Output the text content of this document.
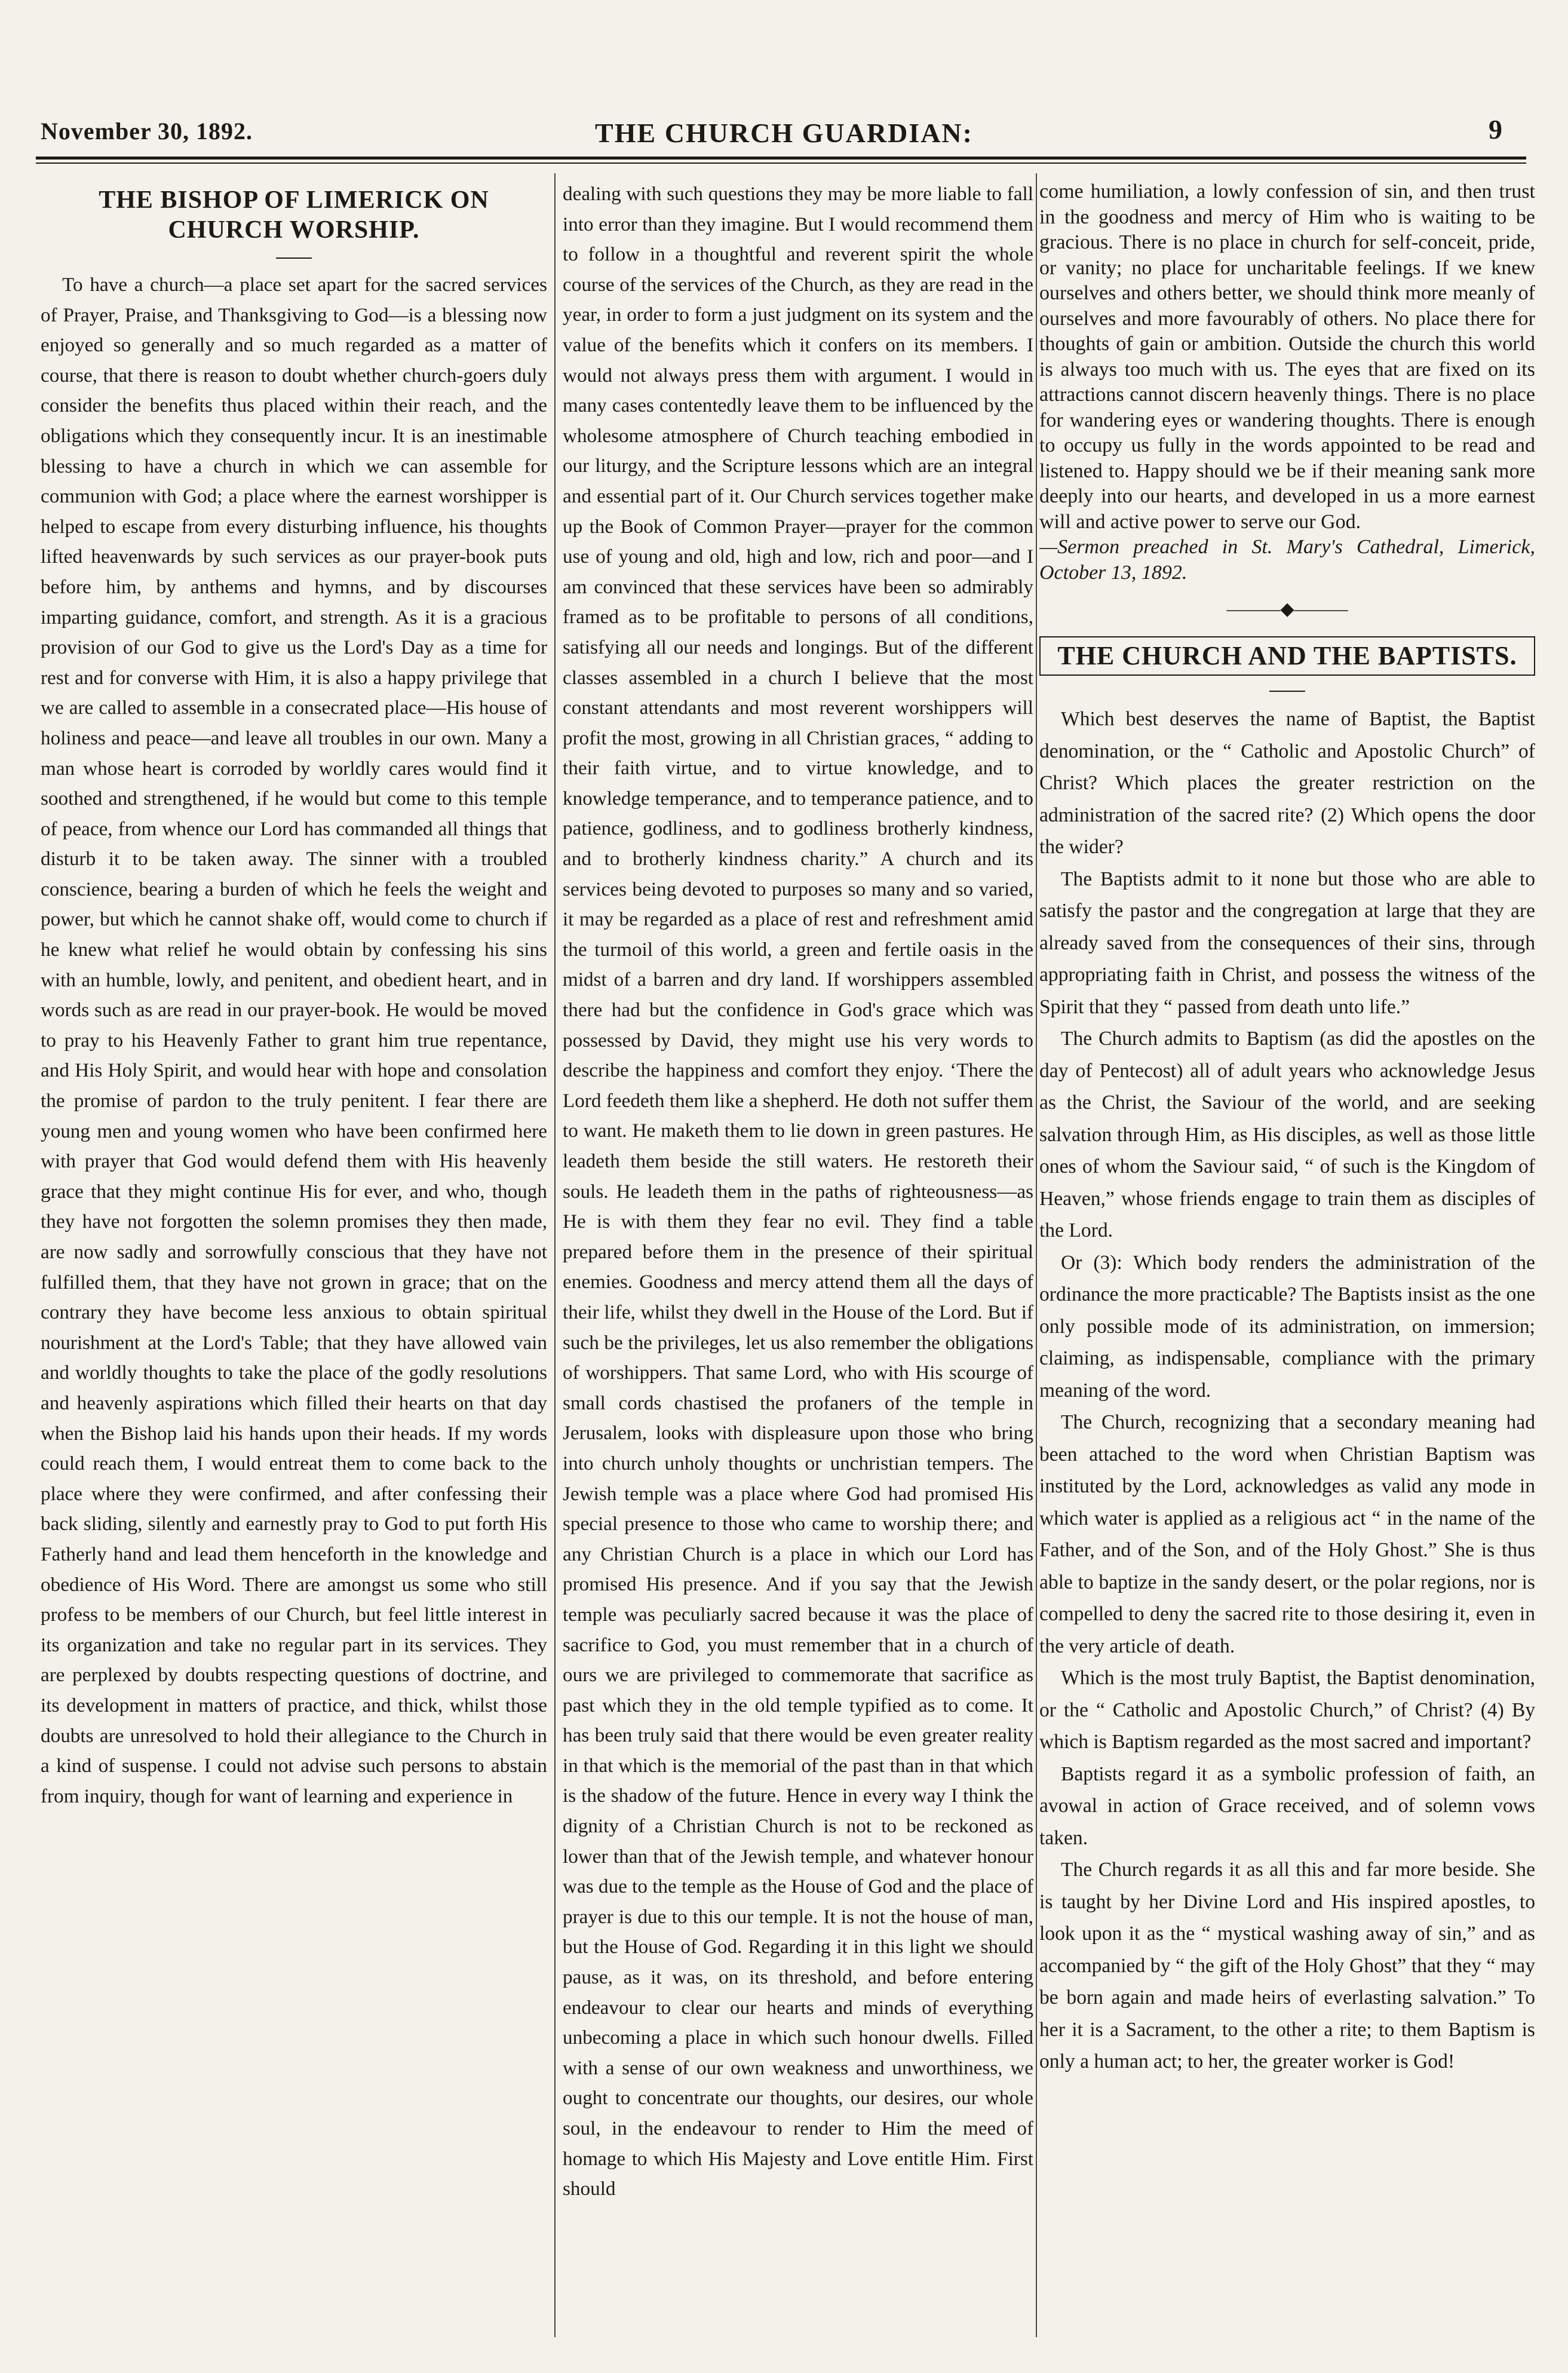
November 30, 1892.	THE CHURCH GUARDIAN:	9
THE BISHOP OF LIMERICK ON CHURCH WORSHIP.

To have a church—a place set apart for the sacred services of Prayer, Praise, and Thanksgiving to God—is a blessing now enjoyed so generally and so much regarded as a matter of course, that there is reason to doubt whether church-goers duly consider the benefits thus placed within their reach, and the obligations which they consequently incur. It is an inestimable blessing to have a church in which we can assemble for communion with God; a place where the earnest worshipper is helped to escape from every disturbing influence, his thoughts lifted heavenwards by such services as our prayer-book puts before him, by anthems and hymns, and by discourses imparting guidance, comfort, and strength. As it is a gracious provision of our God to give us the Lord's Day as a time for rest and for converse with Him, it is also a happy privilege that we are called to assemble in a consecrated place—His house of holiness and peace—and leave all troubles in our own. Many a man whose heart is corroded by worldly cares would find it soothed and strengthened, if he would but come to this temple of peace, from whence our Lord has commanded all things that disturb it to be taken away. The sinner with a troubled conscience, bearing a burden of which he feels the weight and power, but which he cannot shake off, would come to church if he knew what relief he would obtain by confessing his sins with an humble, lowly, and penitent, and obedient heart, and in words such as are read in our prayer-book. He would be moved to pray to his Heavenly Father to grant him true repentance, and His Holy Spirit, and would hear with hope and consolation the promise of pardon to the truly penitent. I fear there are young men and young women who have been confirmed here with prayer that God would defend them with His heavenly grace that they might continue His for ever, and who, though they have not forgotten the solemn promises they then made, are now sadly and sorrowfully conscious that they have not fulfilled them, that they have not grown in grace; that on the contrary they have become less anxious to obtain spiritual nourishment at the Lord's Table; that they have allowed vain and worldly thoughts to take the place of the godly resolutions and heavenly aspirations which filled their hearts on that day when the Bishop laid his hands upon their heads. If my words could reach them, I would entreat them to come back to the place where they were confirmed, and after confessing their back sliding, silently and earnestly pray to God to put forth His Fatherly hand and lead them henceforth in the knowledge and obedience of His Word. There are amongst us some who still profess to be members of our Church, but feel little interest in its organization and take no regular part in its services. They are perplexed by doubts respecting questions of doctrine, and its development in matters of practice, and thick, whilst those doubts are unresolved to hold their allegiance to the Church in a kind of suspense. I could not advise such persons to abstain from inquiry, though for want of learning and experience in

dealing with such questions they may be more liable to fall into error than they imagine. But I would recommend them to follow in a thoughtful and reverent spirit the whole course of the services of the Church, as they are read in the year, in order to form a just judgment on its system and the value of the benefits which it confers on its members. I would not always press them with argument. I would in many cases contentedly leave them to be influenced by the wholesome atmosphere of Church teaching embodied in our liturgy, and the Scripture lessons which are an integral and essential part of it. Our Church services together make up the Book of Common Prayer—prayer for the common use of young and old, high and low, rich and poor—and I am convinced that these services have been so admirably framed as to be profitable to persons of all conditions, satisfying all our needs and longings. But of the different classes assembled in a church I believe that the most constant attendants and most reverent worshippers will profit the most, growing in all Christian graces, “ adding to their faith virtue, and to virtue knowledge, and to knowledge temperance, and to temperance patience, and to patience, godliness, and to godliness brotherly kindness, and to brotherly kindness charity.” A church and its services being devoted to purposes so many and so varied, it may be regarded as a place of rest and refreshment amid the turmoil of this world, a green and fertile oasis in the midst of a barren and dry land. If worshippers assembled there had but the confidence in God's grace which was possessed by David, they might use his very words to describe the happiness and comfort they enjoy. ‘There the Lord feedeth them like a shepherd. He doth not suffer them to want. He maketh them to lie down in green pastures. He leadeth them beside the still waters. He restoreth their souls. He leadeth them in the paths of righteousness—as He is with them they fear no evil. They find a table prepared before them in the presence of their spiritual enemies. Goodness and mercy attend them all the days of their life, whilst they dwell in the House of the Lord. But if such be the privileges, let us also remember the obligations of worshippers. That same Lord, who with His scourge of small cords chastised the profaners of the temple in Jerusalem, looks with displeasure upon those who bring into church unholy thoughts or unchristian tempers. The Jewish temple was a place where God had promised His special presence to those who came to worship there; and any Christian Church is a place in which our Lord has promised His presence. And if you say that the Jewish temple was peculiarly sacred because it was the place of sacrifice to God, you must remember that in a church of ours we are privileged to commemorate that sacrifice as past which they in the old temple typified as to come. It has been truly said that there would be even greater reality in that which is the memorial of the past than in that which is the shadow of the future. Hence in every way I think the dignity of a Christian Church is not to be reckoned as lower than that of the Jewish temple, and whatever honour was due to the temple as the House of God and the place of prayer is due to this our temple. It is not the house of man, but the House of God. Regarding it in this light we should pause, as it was, on its threshold, and before entering endeavour to clear our hearts and minds of everything unbecoming a place in which such honour dwells. Filled with a sense of our own weakness and unworthiness, we ought to concentrate our thoughts, our desires, our whole soul, in the endeavour to render to Him the meed of homage to which His Majesty and Love entitle Him. First should

come humiliation, a lowly confession of sin, and then trust in the goodness and mercy of Him who is waiting to be gracious. There is no place in church for self-conceit, pride, or vanity; no place for uncharitable feelings. If we knew ourselves and others better, we should think more meanly of ourselves and more favourably of others. No place there for thoughts of gain or ambition. Outside the church this world is always too much with us. The eyes that are fixed on its attractions cannot discern heavenly things. There is no place for wandering eyes or wandering thoughts. There is enough to occupy us fully in the words appointed to be read and listened to. Happy should we be if their meaning sank more deeply into our hearts, and developed in us a more earnest will and active power to serve our God.

—Sermon preached in St. Mary's Cathedral, Limerick, October 13, 1892.

———◆———
THE CHURCH AND THE BAPTISTS.

Which best deserves the name of Baptist, the Baptist denomination, or the “ Catholic and Apostolic Church” of Christ? Which places the greater restriction on the administration of the sacred rite? (2) Which opens the door the wider?

The Baptists admit to it none but those who are able to satisfy the pastor and the congregation at large that they are already saved from the consequences of their sins, through appropriating faith in Christ, and possess the witness of the Spirit that they “ passed from death unto life.”

The Church admits to Baptism (as did the apostles on the day of Pentecost) all of adult years who acknowledge Jesus as the Christ, the Saviour of the world, and are seeking salvation through Him, as His disciples, as well as those little ones of whom the Saviour said, “ of such is the Kingdom of Heaven,” whose friends engage to train them as disciples of the Lord.

Or (3): Which body renders the administration of the ordinance the more practicable? The Baptists insist as the one only possible mode of its administration, on immersion; claiming, as indispensable, compliance with the primary meaning of the word.

The Church, recognizing that a secondary meaning had been attached to the word when Christian Baptism was instituted by the Lord, acknowledges as valid any mode in which water is applied as a religious act “ in the name of the Father, and of the Son, and of the Holy Ghost.” She is thus able to baptize in the sandy desert, or the polar regions, nor is compelled to deny the sacred rite to those desiring it, even in the very article of death.

Which is the most truly Baptist, the Baptist denomination, or the “ Catholic and Apostolic Church,” of Christ? (4) By which is Baptism regarded as the most sacred and important?

Baptists regard it as a symbolic profession of faith, an avowal in action of Grace received, and of solemn vows taken.

The Church regards it as all this and far more beside. She is taught by her Divine Lord and His inspired apostles, to look upon it as the “ mystical washing away of sin,” and as accompanied by “ the gift of the Holy Ghost” that they “ may be born again and made heirs of everlasting salvation.” To her it is a Sacrament, to the other a rite; to them Baptism is only a human act; to her, the greater worker is God!
